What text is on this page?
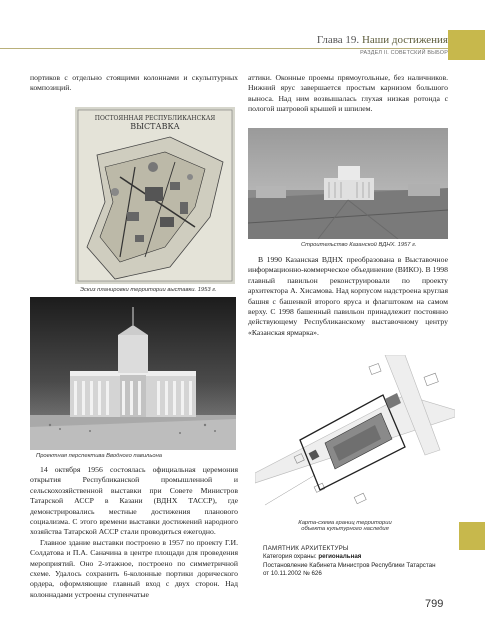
Глава 19. Наши достижения
РАЗДЕЛ II. СОВЕТСКИЙ ВЫБОР

портиков с отдельно стоящими колоннами и скульптурных композиций.

ПОСТОЯННАЯ РЕСПУБЛИКАНСКАЯ
ВЫСТАВКА
Эскиз планировки территории выставки. 1953 г.
Проектная перспектива Вводного павильона

14 октября 1956 состоялась официальная церемония открытия Республиканской промышленной и сельскохозяйственной выставки при Совете Министров Татарской АССР в Казани (ВДНХ ТАССР), где демонстрировались местные достижения планового социализма. С этого времени выставки достижений народного хозяйства Татарской АССР стали проводиться ежегодно.

Главное здание выставки построено в 1957 по проекту Г.И. Солдатова и П.А. Саначина в центре площади для проведения мероприятий. Оно 2-этажное, построено по симметричной схеме. Удалось сохранить 6-колонные портики дорического ордера, оформляющие главный вход с двух сторон. Над колоннадами устроены ступенчатые

аттики. Оконные проемы прямоугольные, без наличников. Нижний ярус завершается простым карнизом большого выноса. Над ним возвышалась глухая низкая ротонда с пологой шатровой крышей и шпилем.

Строительство Казанской ВДНХ. 1957 г.

В 1990 Казанская ВДНХ преобразована в Выставочное информационно-коммерческое объединение (ВИКО). В 1998 главный павильон реконструировали по проекту архитектора А. Хисамова. Над корпусом надстроена круглая башня с башенкой второго яруса и флагштоком на самом верху. С 1998 башенный павильон принадлежит постоянно действующему Республиканскому выставочному центру «Казанская ярмарка».

Карта-схема границ территории
объекта культурного наследия
ПАМЯТНИК АРХИТЕКТУРЫ
Категория охраны: региональная
Постановление Кабинета Министров Республики Татарстан
от 10.11.2002 № 626
799
